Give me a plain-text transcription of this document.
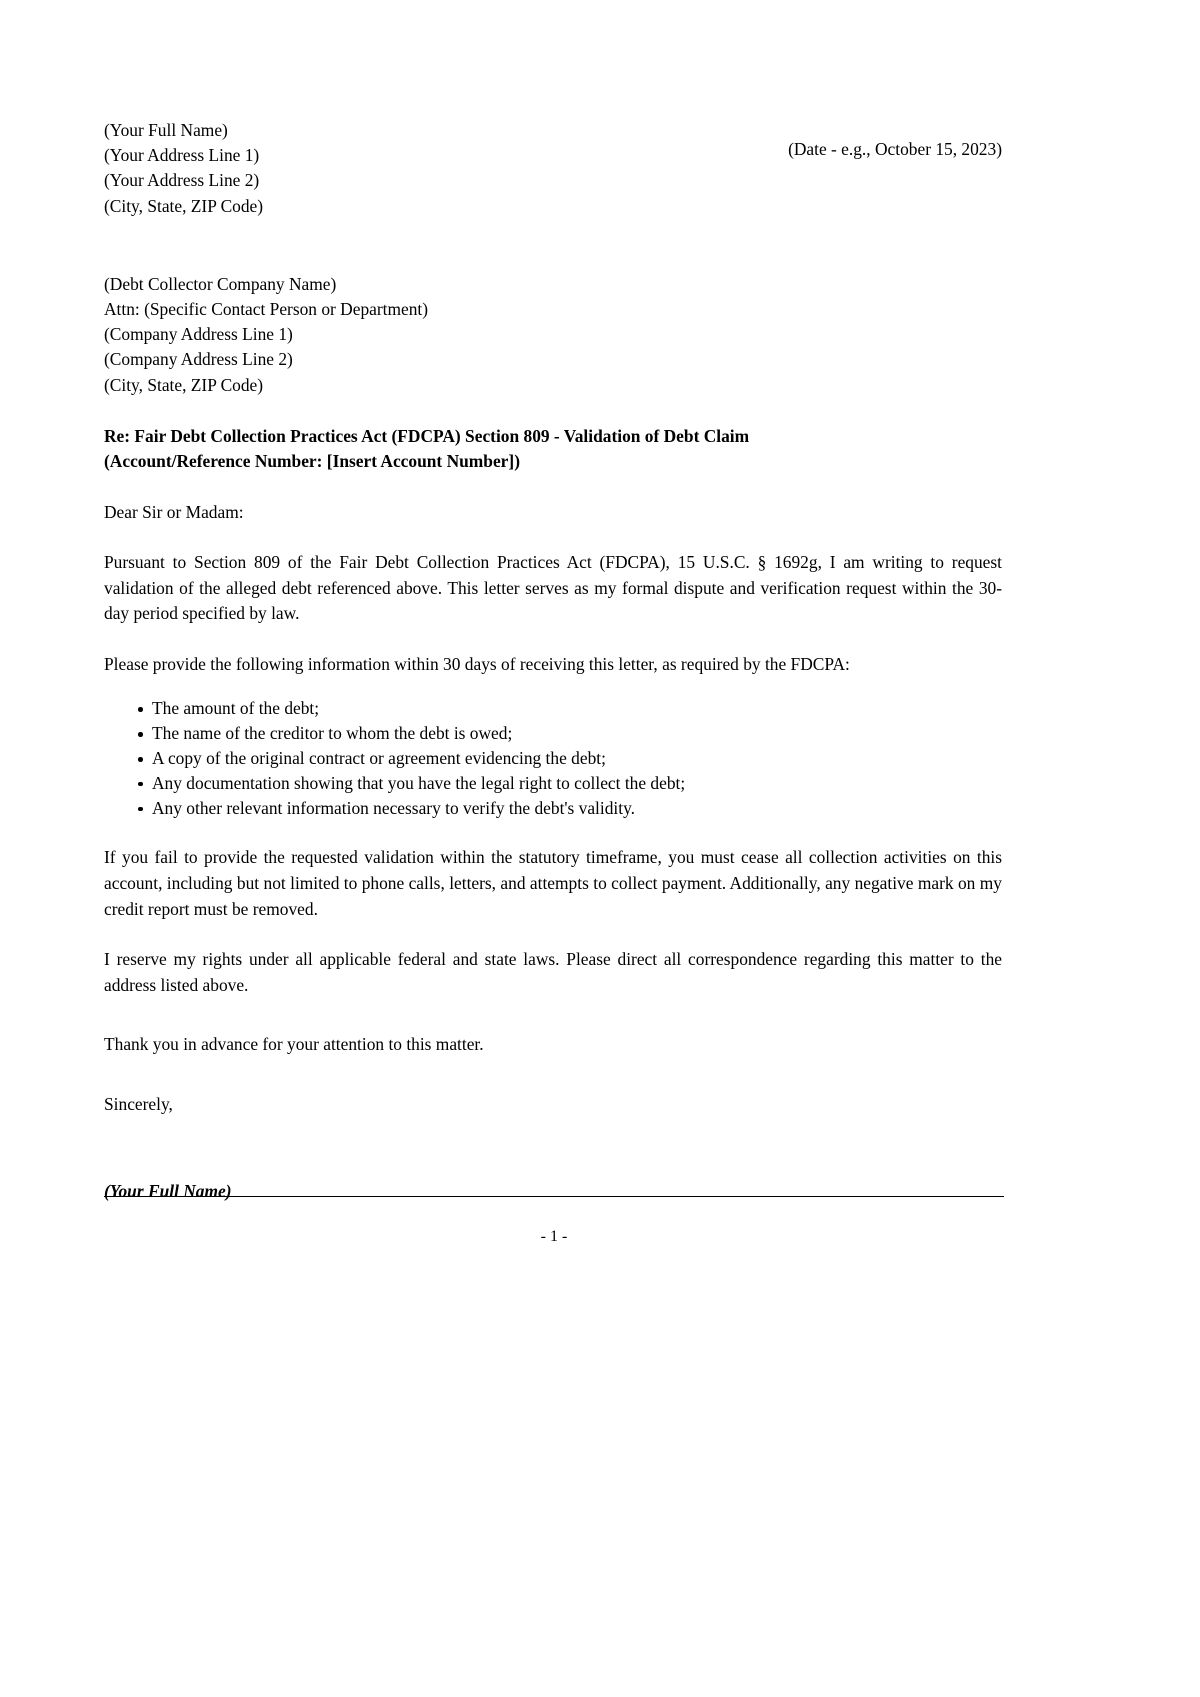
(Your Full Name)
(Your Address Line 1)
(Your Address Line 2)
(City, State, ZIP Code)
(Date - e.g., October 15, 2023)
(Debt Collector Company Name)
Attn: (Specific Contact Person or Department)
(Company Address Line 1)
(Company Address Line 2)
(City, State, ZIP Code)
Re: Fair Debt Collection Practices Act (FDCPA) Section 809 - Validation of Debt Claim
(Account/Reference Number: [Insert Account Number])
Dear Sir or Madam:

Pursuant to Section 809 of the Fair Debt Collection Practices Act (FDCPA), 15 U.S.C. § 1692g, I am writing to request validation of the alleged debt referenced above. This letter serves as my formal dispute and verification request within the 30-day period specified by law.

Please provide the following information within 30 days of receiving this letter, as required by the FDCPA:

The amount of the debt;
The name of the creditor to whom the debt is owed;
A copy of the original contract or agreement evidencing the debt;
Any documentation showing that you have the legal right to collect the debt;
Any other relevant information necessary to verify the debt's validity.

If you fail to provide the requested validation within the statutory timeframe, you must cease all collection activities on this account, including but not limited to phone calls, letters, and attempts to collect payment. Additionally, any negative mark on my credit report must be removed.

I reserve my rights under all applicable federal and state laws. Please direct all correspondence regarding this matter to the address listed above.

Thank you in advance for your attention to this matter.
Sincerely,
(Your Full Name)
- 1 -
